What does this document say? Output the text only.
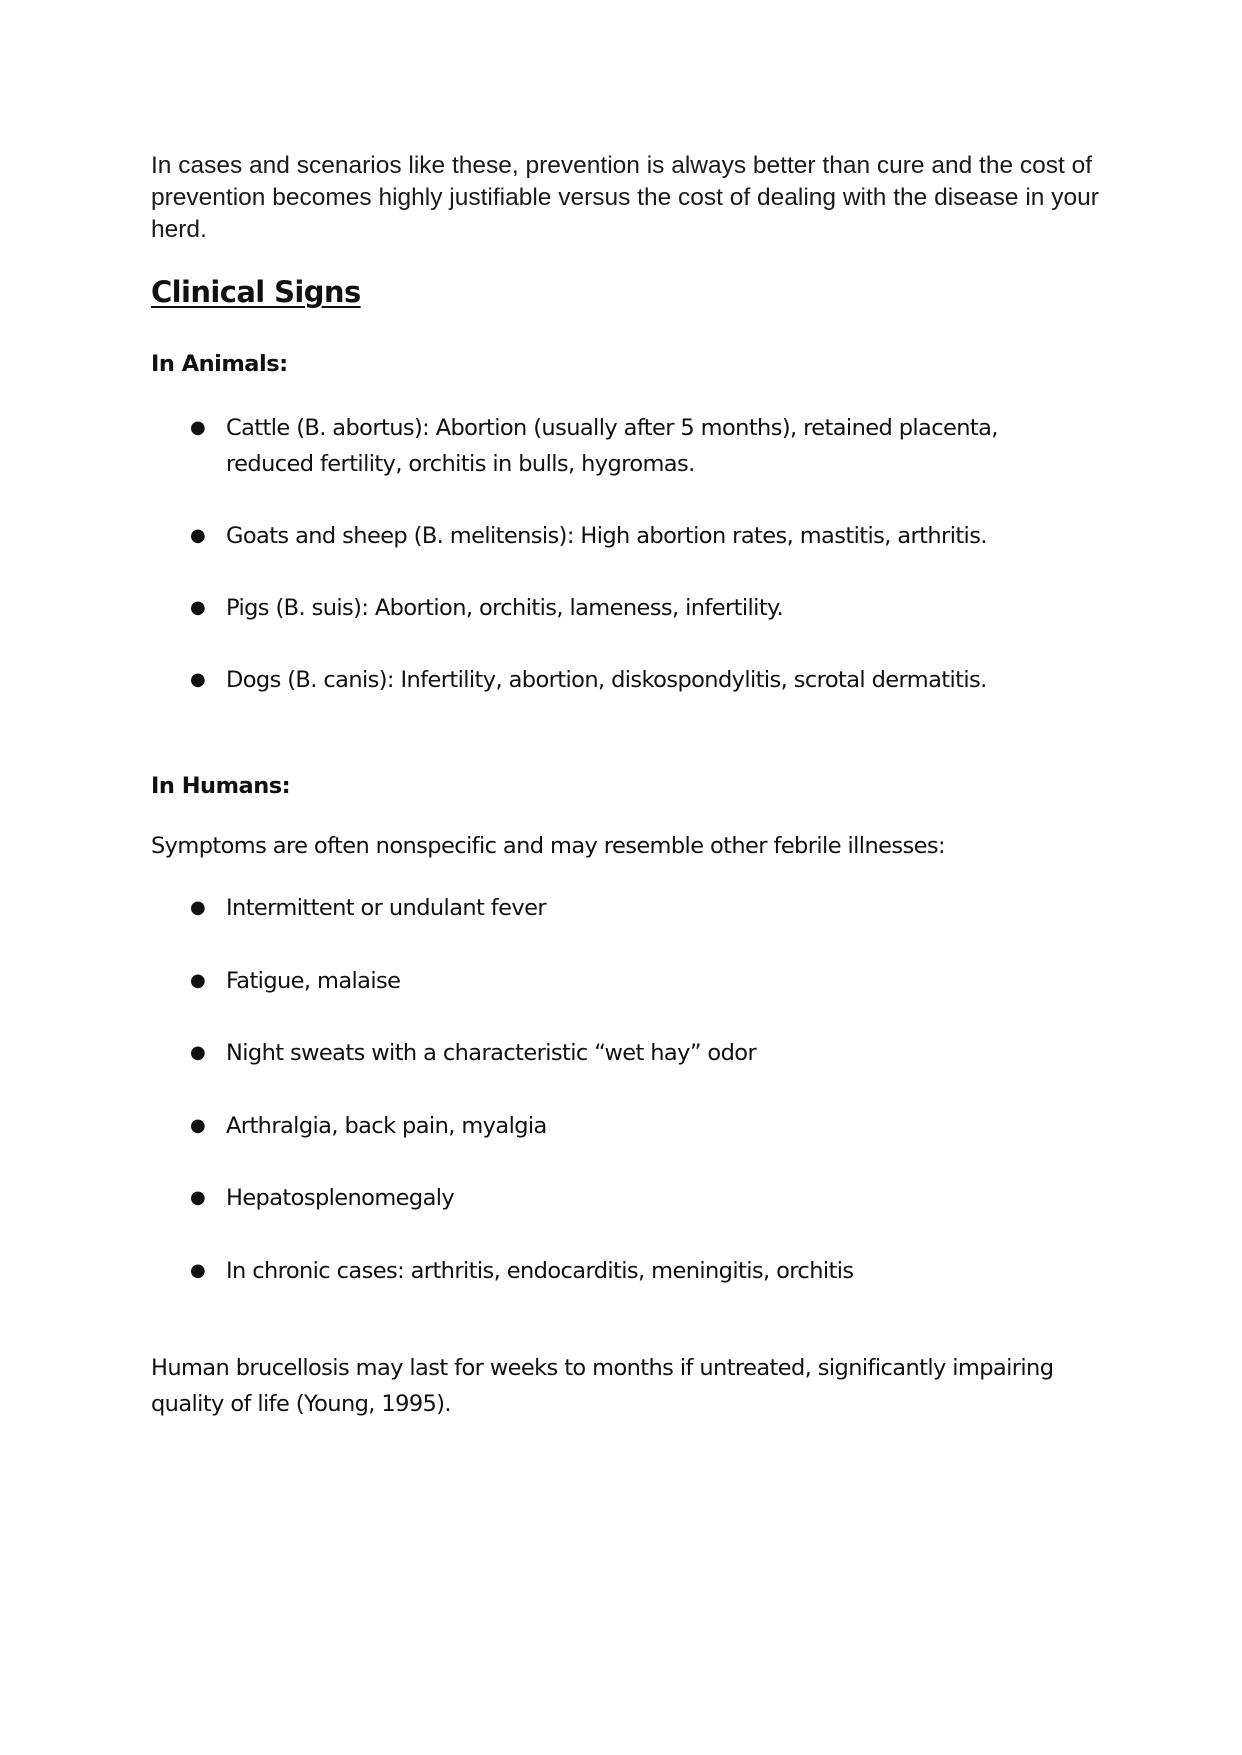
In cases and scenarios like these, prevention is always better than cure and the cost of prevention becomes highly justifiable versus the cost of dealing with the disease in your herd.

Clinical Signs
In Animals:
● Cattle (B. abortus): Abortion (usually after 5 months), retained placenta, reduced fertility, orchitis in bulls, hygromas.
● Goats and sheep (B. melitensis): High abortion rates, mastitis, arthritis.
● Pigs (B. suis): Abortion, orchitis, lameness, infertility.
● Dogs (B. canis): Infertility, abortion, diskospondylitis, scrotal dermatitis.
In Humans:

Symptoms are often nonspecific and may resemble other febrile illnesses:

● Intermittent or undulant fever
● Fatigue, malaise
● Night sweats with a characteristic “wet hay” odor
● Arthralgia, back pain, myalgia
● Hepatosplenomegaly
● In chronic cases: arthritis, endocarditis, meningitis, orchitis

Human brucellosis may last for weeks to months if untreated, significantly impairing quality of life (Young, 1995).
